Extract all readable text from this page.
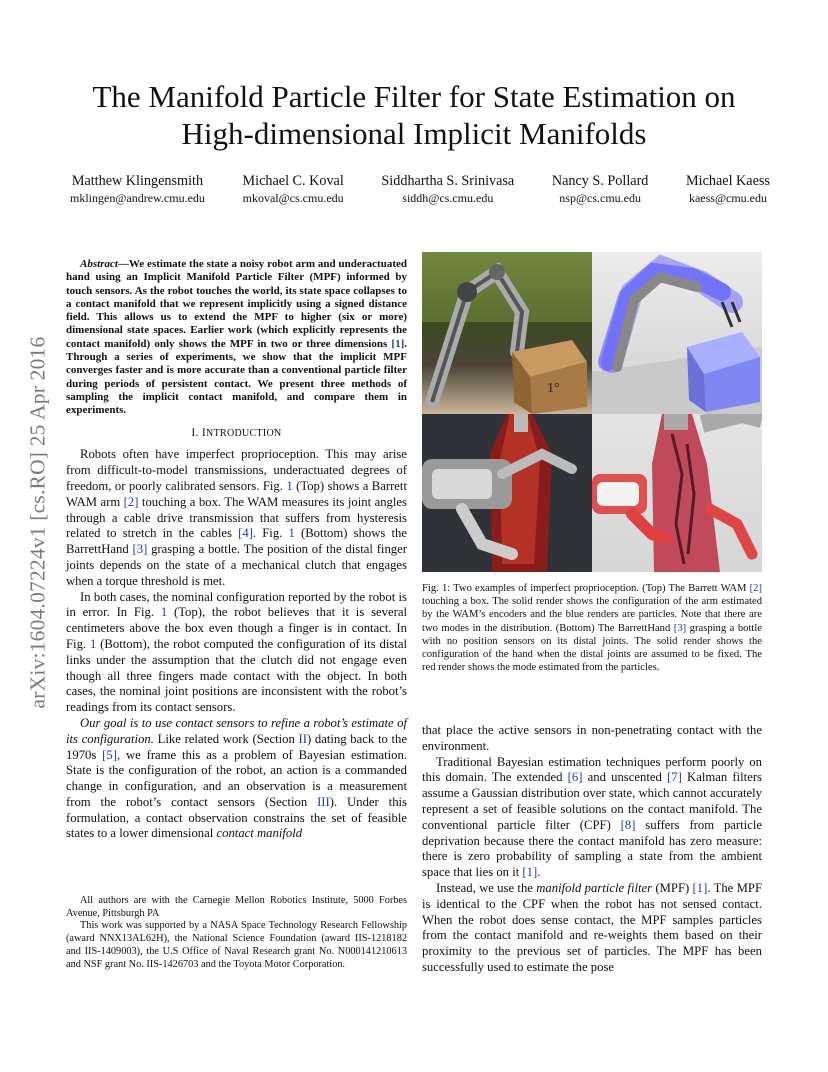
arXiv:1604.07224v1 [cs.RO] 25 Apr 2016
The Manifold Particle Filter for State Estimation on
High-dimensional Implicit Manifolds
Matthew Klingensmith
mklingen@andrew.cmu.edu
Michael C. Koval
mkoval@cs.cmu.edu
Siddhartha S. Srinivasa
siddh@cs.cmu.edu
Nancy S. Pollard
nsp@cs.cmu.edu
Michael Kaess
kaess@cmu.edu

Abstract—We estimate the state a noisy robot arm and underactuated hand using an Implicit Manifold Particle Filter (MPF) informed by touch sensors. As the robot touches the world, its state space collapses to a contact manifold that we represent implicitly using a signed distance field. This allows us to extend the MPF to higher (six or more) dimensional state spaces. Earlier work (which explicitly represents the contact manifold) only shows the MPF in two or three dimensions [1]. Through a series of experiments, we show that the implicit MPF converges faster and is more accurate than a conventional particle filter during periods of persistent contact. We present three methods of sampling the implicit contact manifold, and compare them in experiments.

I. INTRODUCTION

Robots often have imperfect proprioception. This may arise from difficult-to-model transmissions, underactuated degrees of freedom, or poorly calibrated sensors. Fig. 1 (Top) shows a Barrett WAM arm [2] touching a box. The WAM measures its joint angles through a cable drive transmission that suffers from hysteresis related to stretch in the cables [4]. Fig. 1 (Bottom) shows the BarrettHand [3] grasping a bottle. The position of the distal finger joints depends on the state of a mechanical clutch that engages when a torque threshold is met.

In both cases, the nominal configuration reported by the robot is in error. In Fig. 1 (Top), the robot believes that it is several centimeters above the box even though a finger is in contact. In Fig. 1 (Bottom), the robot computed the configuration of its distal links under the assumption that the clutch did not engage even though all three fingers made contact with the object. In both cases, the nominal joint positions are inconsistent with the robot’s readings from its contact sensors.

Our goal is to use contact sensors to refine a robot’s estimate of its configuration. Like related work (Section II) dating back to the 1970s [5], we frame this as a problem of Bayesian estimation. State is the configuration of the robot, an action is a commanded change in configuration, and an observation is a measurement from the robot’s contact sensors (Section III). Under this formulation, a contact observation constrains the set of feasible states to a lower dimensional contact manifold

1°
Fig. 1: Two examples of imperfect proprioception. (Top) The Barrett WAM [2] touching a box. The solid render shows the configuration of the arm estimated by the WAM’s encoders and the blue renders are particles. Note that there are two modes in the distribution. (Bottom) The BarrettHand [3] grasping a bottle with no position sensors on its distal joints. The solid render shows the configuration of the hand when the distal joints are assumed to be fixed. The red render shows the mode estimated from the particles.

that place the active sensors in non-penetrating contact with the environment.

Traditional Bayesian estimation techniques perform poorly on this domain. The extended [6] and unscented [7] Kalman filters assume a Gaussian distribution over state, which cannot accurately represent a set of feasible solutions on the contact manifold. The conventional particle filter (CPF) [8] suffers from particle deprivation because there the contact manifold has zero measure: there is zero probability of sampling a state from the ambient space that lies on it [1].

Instead, we use the manifold particle filter (MPF) [1]. The MPF is identical to the CPF when the robot has not sensed contact. When the robot does sense contact, the MPF samples particles from the contact manifold and re-weights them based on their proximity to the previous set of particles. The MPF has been successfully used to estimate the pose

All authors are with the Carnegie Mellon Robotics Institute, 5000 Forbes Avenue, Pittsburgh PA

This work was supported by a NASA Space Technology Research Fellowship (award NNX13AL62H), the National Science Foundation (award IIS-1218182 and IIS-1409003), the U.S Office of Naval Research grant No. N000141210613 and NSF grant No. IIS-1426703 and the Toyota Motor Corporation.
